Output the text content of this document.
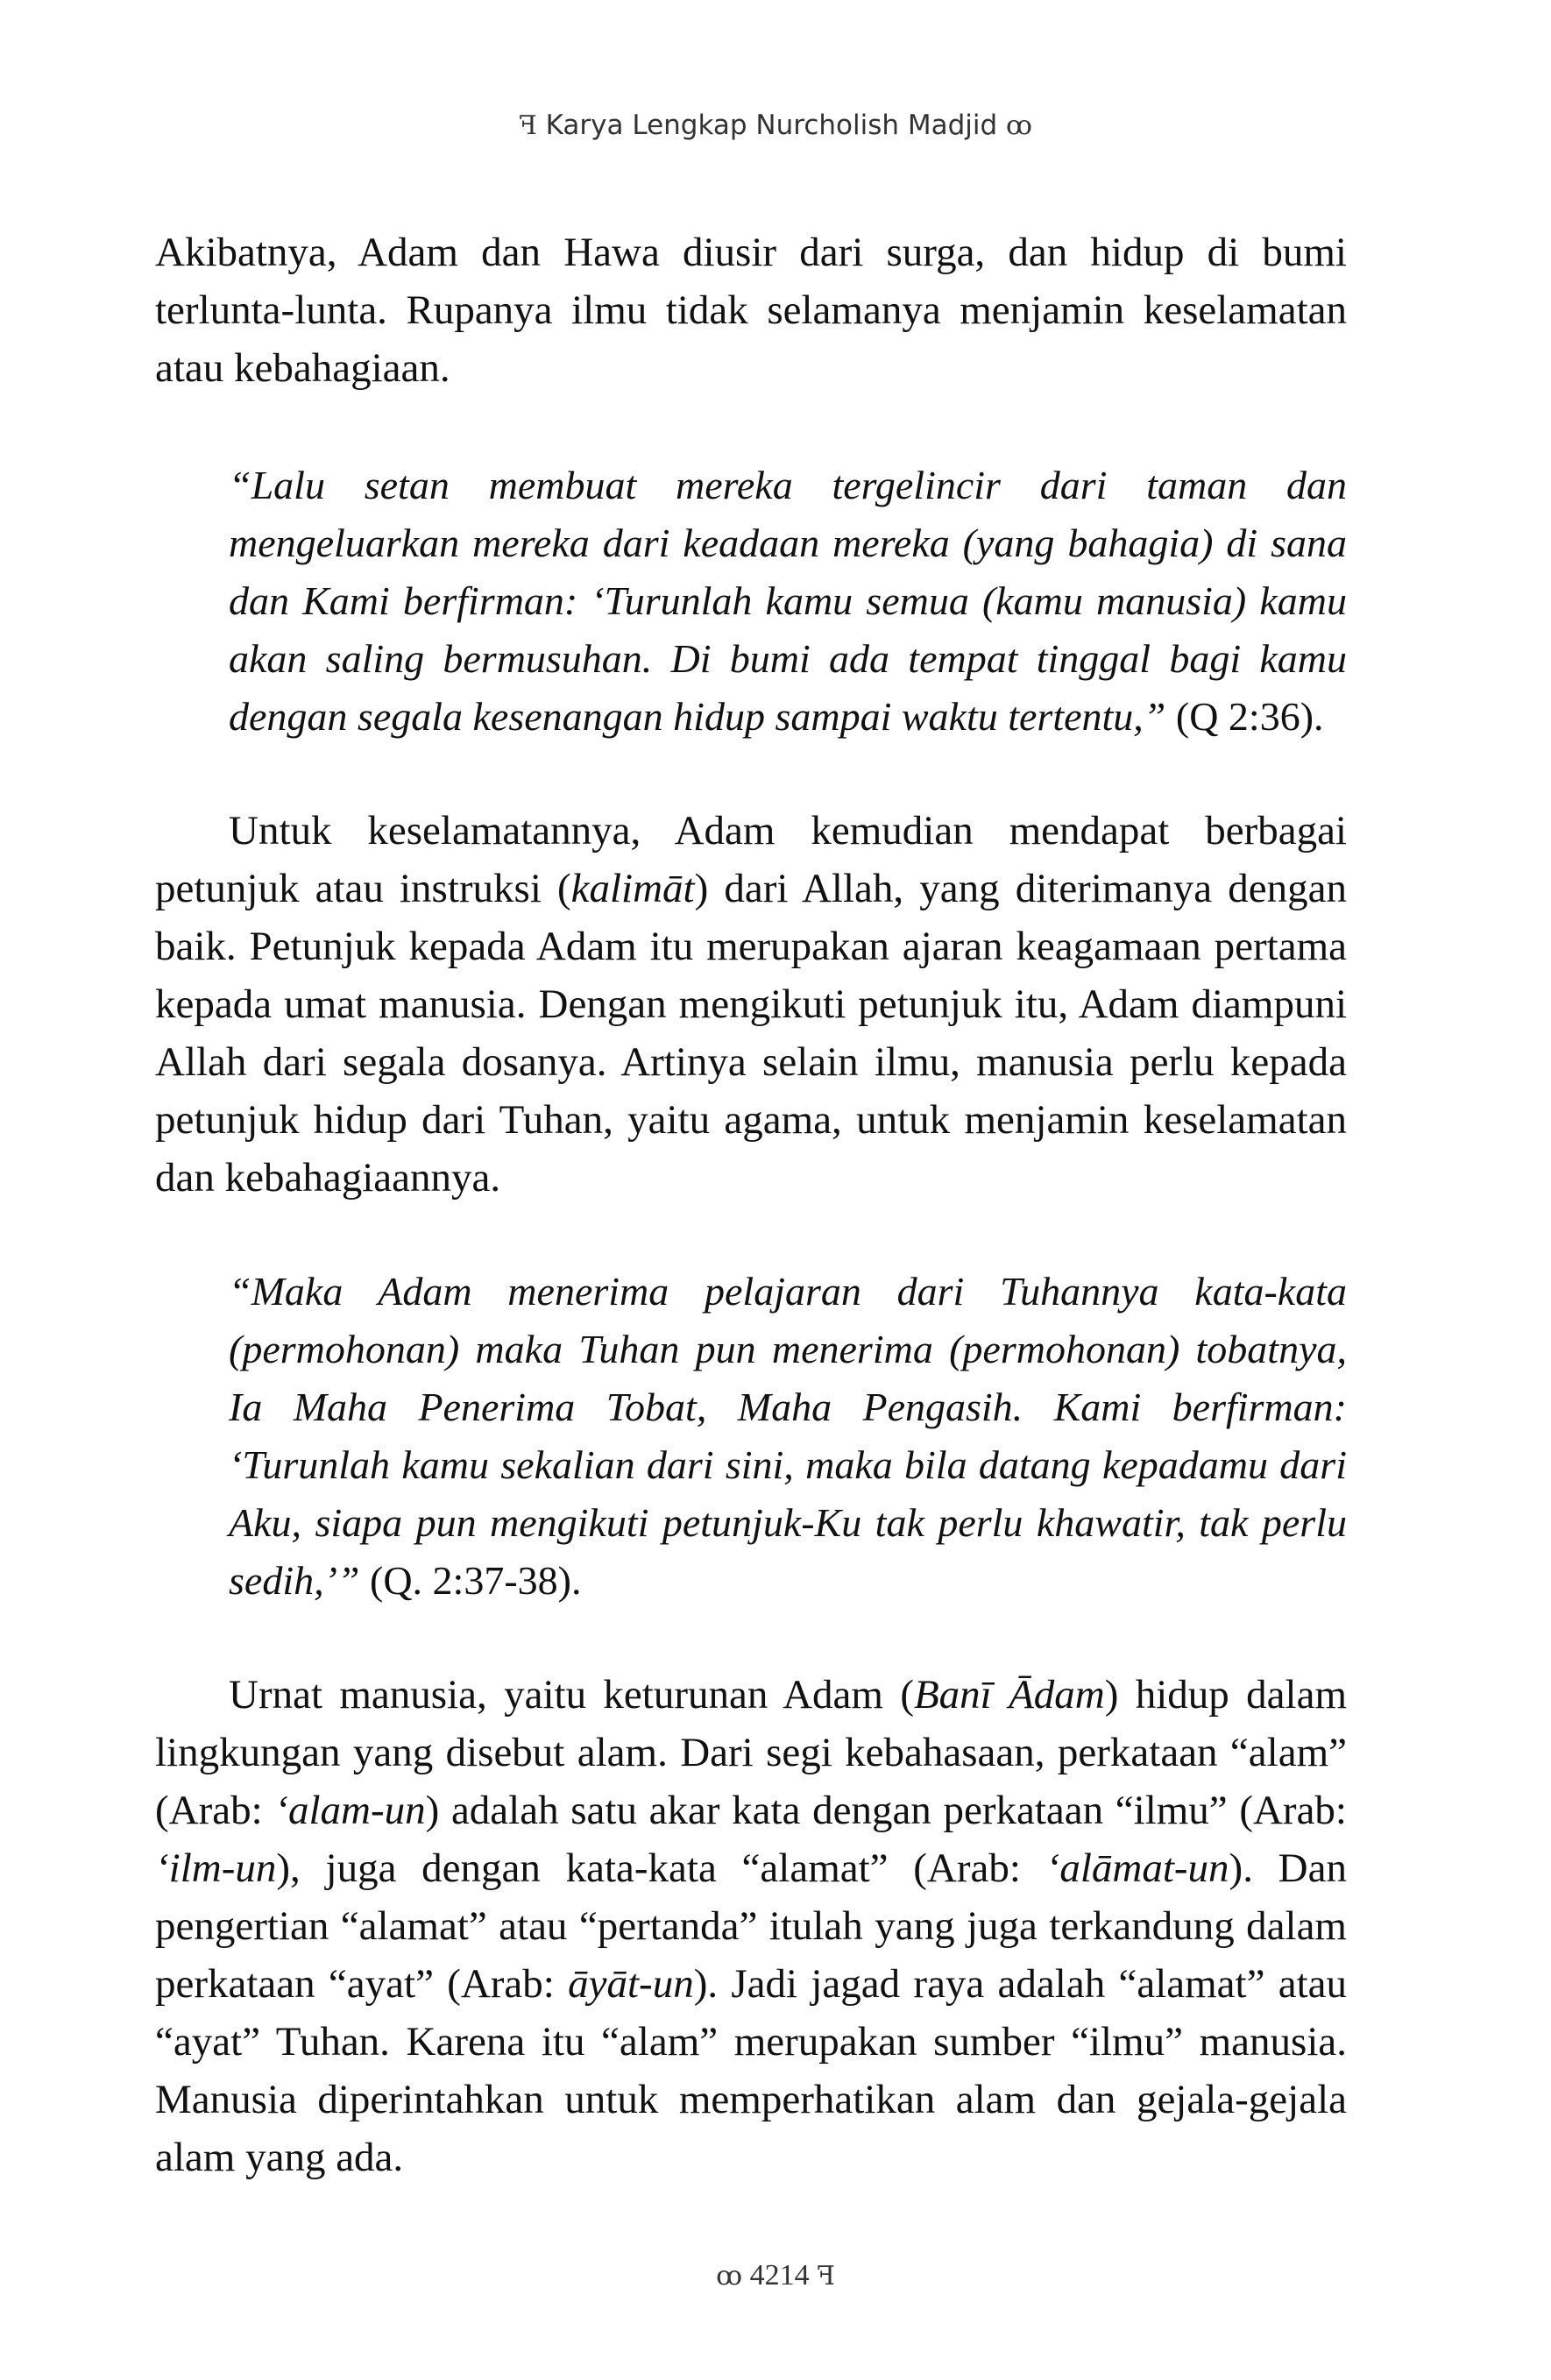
ꟻ Karya Lengkap Nurcholish Madjid ꝏ

Akibatnya, Adam dan Hawa diusir dari surga, dan hidup di bumi terlunta-lunta. Rupanya ilmu tidak selamanya menjamin keselamatan atau kebahagiaan.

“Lalu setan membuat mereka tergelincir dari taman dan mengeluarkan mereka dari keadaan mereka (yang bahagia) di sana dan Kami berfirman: ‘Turunlah kamu semua (kamu manusia) kamu akan saling bermusuhan. Di bumi ada tempat tinggal bagi kamu dengan segala kesenangan hidup sampai waktu tertentu,” (Q 2:36).

Untuk keselamatannya, Adam kemudian mendapat berbagai petunjuk atau instruksi (kalimāt) dari Allah, yang diterimanya dengan baik. Petunjuk kepada Adam itu merupakan ajaran keagamaan pertama kepada umat manusia. Dengan mengikuti petunjuk itu, Adam diampuni Allah dari segala dosanya. Artinya selain ilmu, manusia perlu kepada petunjuk hidup dari Tuhan, yaitu agama, untuk menjamin keselamatan dan kebahagiaannya.

“Maka Adam menerima pelajaran dari Tuhannya kata-kata (permohonan) maka Tuhan pun menerima (permohonan) tobatnya, Ia Maha Penerima Tobat, Maha Pengasih. Kami berfirman: ‘Turunlah kamu sekalian dari sini, maka bila datang kepadamu dari Aku, siapa pun mengikuti petunjuk-Ku tak perlu khawatir, tak perlu sedih,’” (Q. 2:37-38).

Urnat manusia, yaitu keturunan Adam (Banī Ādam) hidup dalam lingkungan yang disebut alam. Dari segi kebahasaan, perkataan “alam” (Arab: ‘alam-un) adalah satu akar kata dengan perkataan “ilmu” (Arab: ‘ilm-un), juga dengan kata-kata “alamat” (Arab: ‘alāmat-un). Dan pengertian “alamat” atau “pertanda” itulah yang juga terkandung dalam perkataan “ayat” (Arab: āyāt-un). Jadi jagad raya adalah “alamat” atau “ayat” Tuhan. Karena itu “alam” merupakan sumber “ilmu” manusia. Manusia diperintahkan untuk memperhatikan alam dan gejala-gejala alam yang ada.

ꝏ 4214 ꟻ
